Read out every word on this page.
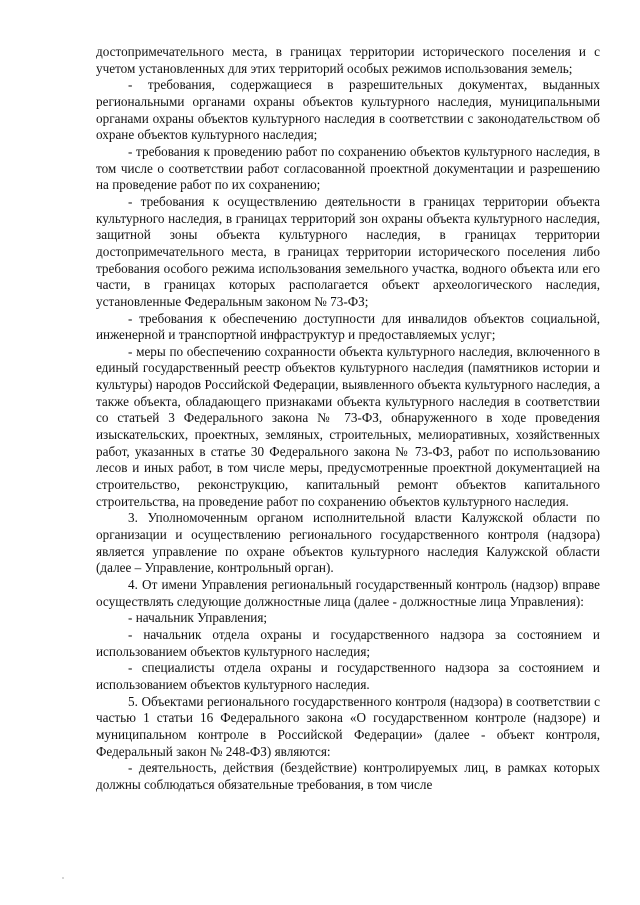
достопримечательного места, в границах территории исторического поселения и с учетом установленных для этих территорий особых режимов использования земель;

- требования, содержащиеся в разрешительных документах, выданных региональными органами охраны объектов культурного наследия, муниципальными органами охраны объектов культурного наследия в соответствии с законодательством об охране объектов культурного наследия;

- требования к проведению работ по сохранению объектов культурного наследия, в том числе о соответствии работ согласованной проектной документации и разрешению на проведение работ по их сохранению;

- требования к осуществлению деятельности в границах территории объекта культурного наследия, в границах территорий зон охраны объекта культурного наследия, защитной зоны объекта культурного наследия, в границах территории достопримечательного места, в границах территории исторического поселения либо требования особого режима использования земельного участка, водного объекта или его части, в границах которых располагается объект археологического наследия, установленные Федеральным законом № 73-ФЗ;

- требования к обеспечению доступности для инвалидов объектов социальной, инженерной и транспортной инфраструктур и предоставляемых услуг;

- меры по обеспечению сохранности объекта культурного наследия, включенного в единый государственный реестр объектов культурного наследия (памятников истории и культуры) народов Российской Федерации, выявленного объекта культурного наследия, а также объекта, обладающего признаками объекта культурного наследия в соответствии со статьей 3 Федерального закона № 73-ФЗ, обнаруженного в ходе проведения изыскательских, проектных, земляных, строительных, мелиоративных, хозяйственных работ, указанных в статье 30 Федерального закона № 73-ФЗ, работ по использованию лесов и иных работ, в том числе меры, предусмотренные проектной документацией на строительство, реконструкцию, капитальный ремонт объектов капитального строительства, на проведение работ по сохранению объектов культурного наследия.

3. Уполномоченным органом исполнительной власти Калужской области по организации и осуществлению регионального государственного контроля (надзора) является управление по охране объектов культурного наследия Калужской области (далее – Управление, контрольный орган).

4. От имени Управления региональный государственный контроль (надзор) вправе осуществлять следующие должностные лица (далее - должностные лица Управления):

- начальник Управления;

- начальник отдела охраны и государственного надзора за состоянием и использованием объектов культурного наследия;

- специалисты отдела охраны и государственного надзора за состоянием и использованием объектов культурного наследия.

5. Объектами регионального государственного контроля (надзора) в соответствии с частью 1 статьи 16 Федерального закона «О государственном контроле (надзоре) и муниципальном контроле в Российской Федерации» (далее - объект контроля, Федеральный закон № 248-ФЗ) являются:

- деятельность, действия (бездействие) контролируемых лиц, в рамках которых должны соблюдаться обязательные требования, в том числе
